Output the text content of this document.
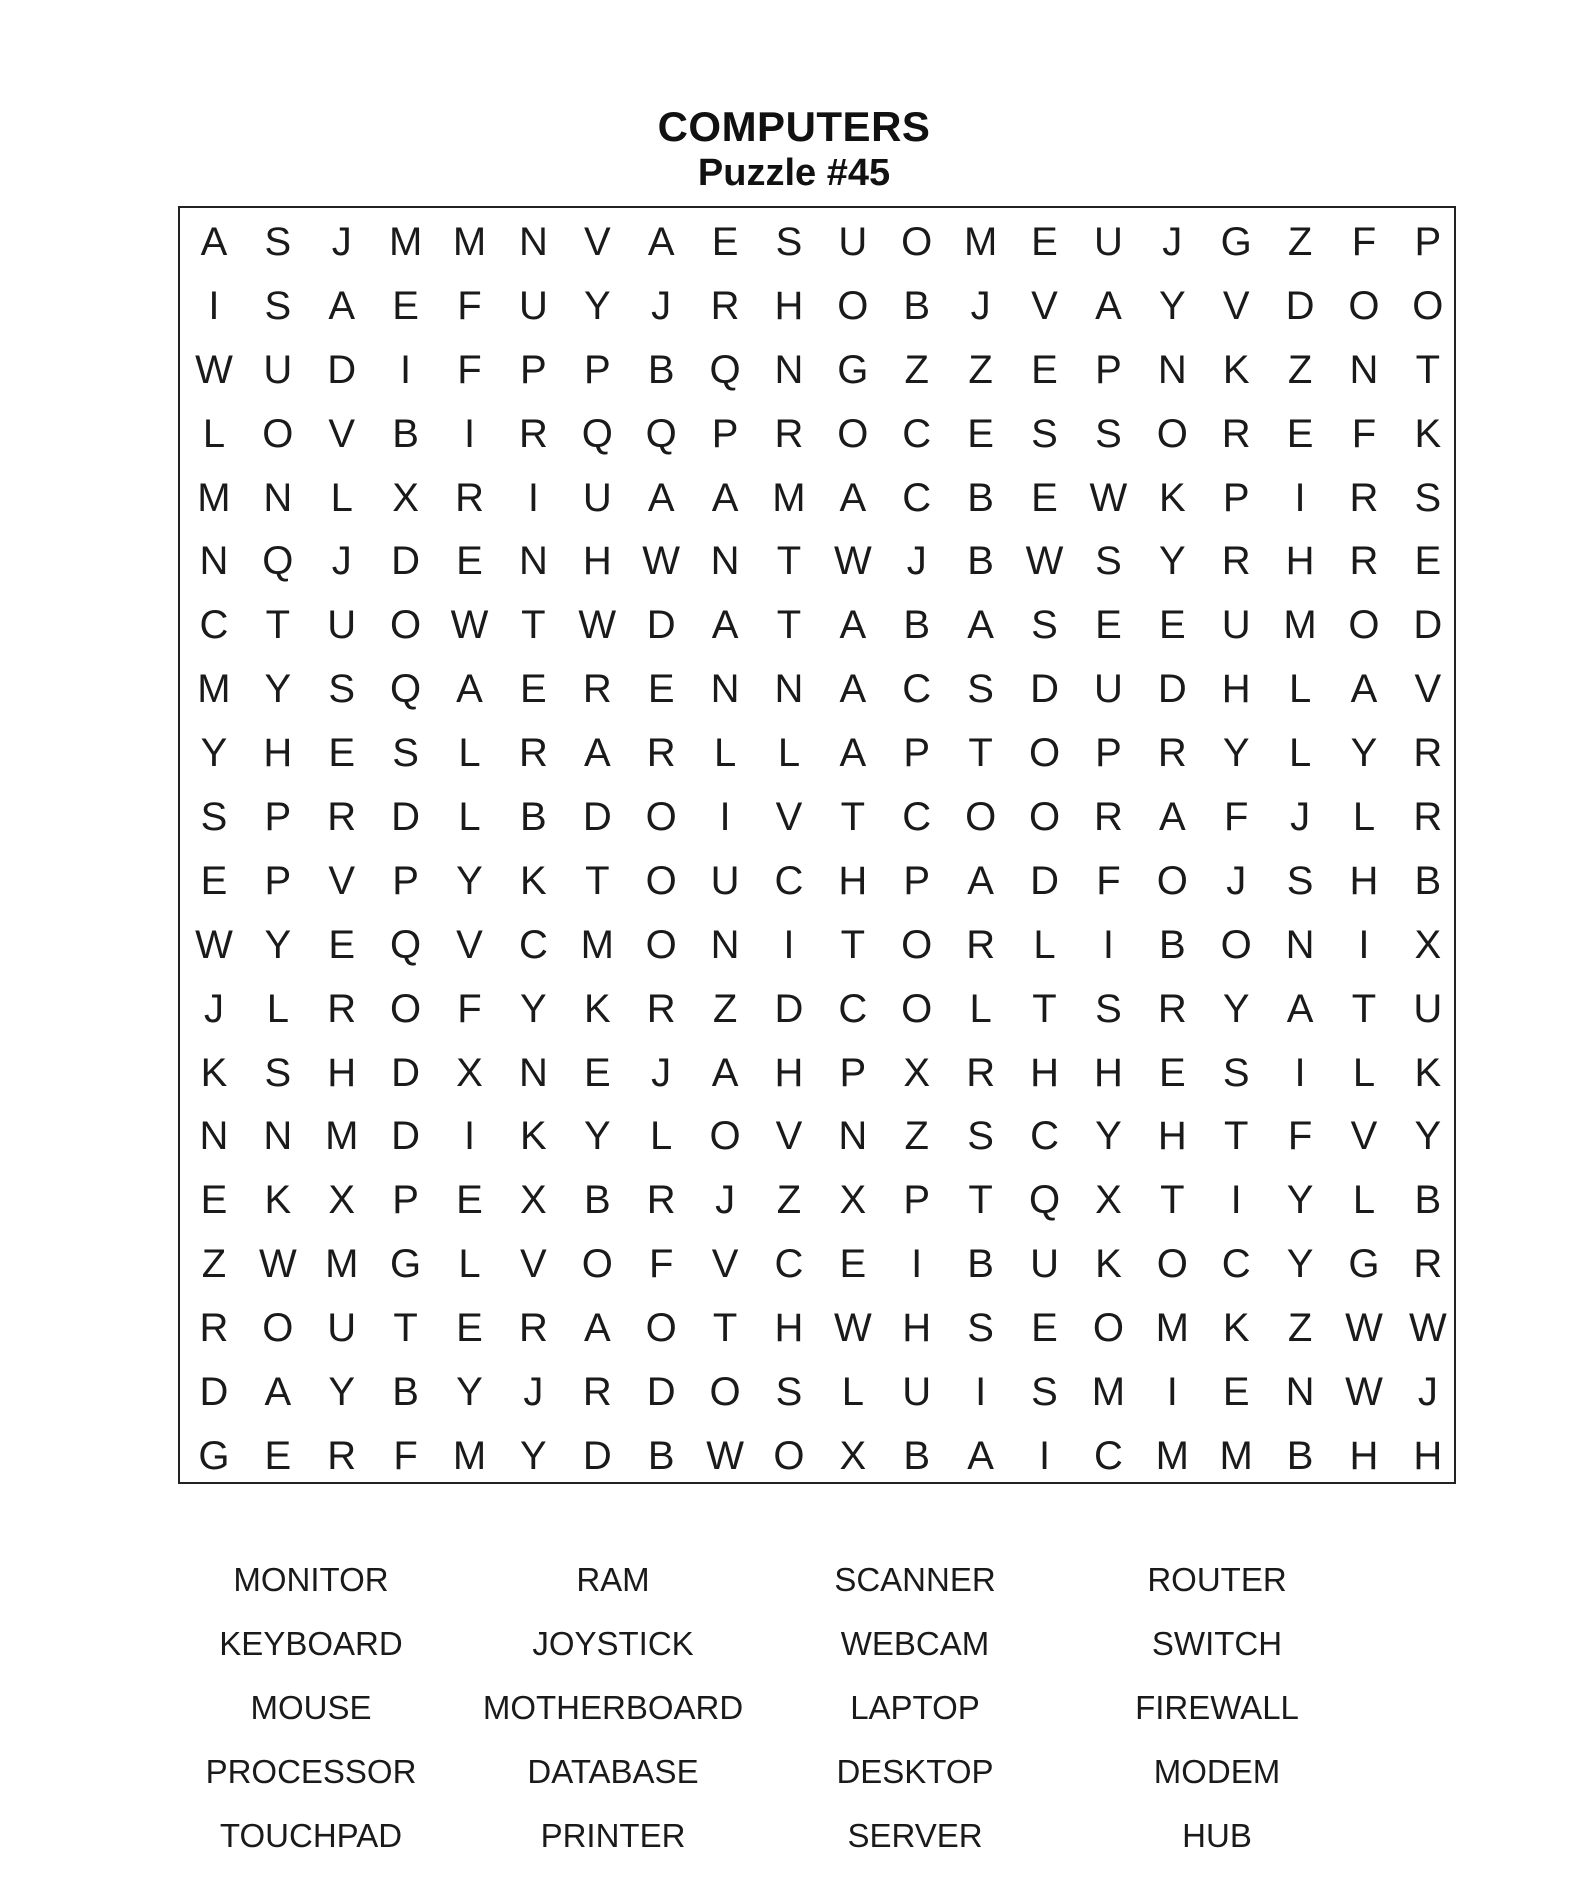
COMPUTERS
Puzzle #45
A S	J M M N V A E S U O M E U J G Z F P
I	S A E F U Y	J R H O B	J	V A Y V D O O
W U D	I	F P P B Q N G Z Z E P N K Z N T
L O V B	I	R Q Q P R O C E S S O R E F K
M N L X R	I	U A A M A C B E W K P	I	R S
N Q J D E N H W N T W J	B W S Y R H R E
C T U O W T W D A T A B A S E E U M O D
M Y S Q A E R E N N A C S D U D H L A V
Y H E S L R A R L	L A P T O P R Y L Y R
S P R D L B D O	I	V T C O O R A F	J	L R
E P V P Y K T O U C H P A D F O J	S H B
W Y E Q V C M O N	I	T O R L	I	B O N	I	X
J	L R O F Y K R Z D C O L	T S R Y A T U
K S H D X N E	J	A H P X R H H E S	I	L K
N N M D	I	K Y L O V N Z S C Y H T F V Y
E K X P E X B R J	Z X P T Q X T	I	Y L B
Z W M G L V O F V C E	I	B U K O C Y G R
R O U T E R A O T H W H S E O M K Z W W
D A Y B Y	J R D O S L U	I	S M	I	E N W J
G E R F M Y D B W O X B A	I	C M M B H H
MONITOR	RAM	SCANNER	ROUTER
KEYBOARD	JOYSTICK	WEBCAM	SWITCH
MOUSE	MOTHERBOARD	LAPTOP	FIREWALL
PROCESSOR	DATABASE	DESKTOP	MODEM
TOUCHPAD	PRINTER	SERVER	HUB
